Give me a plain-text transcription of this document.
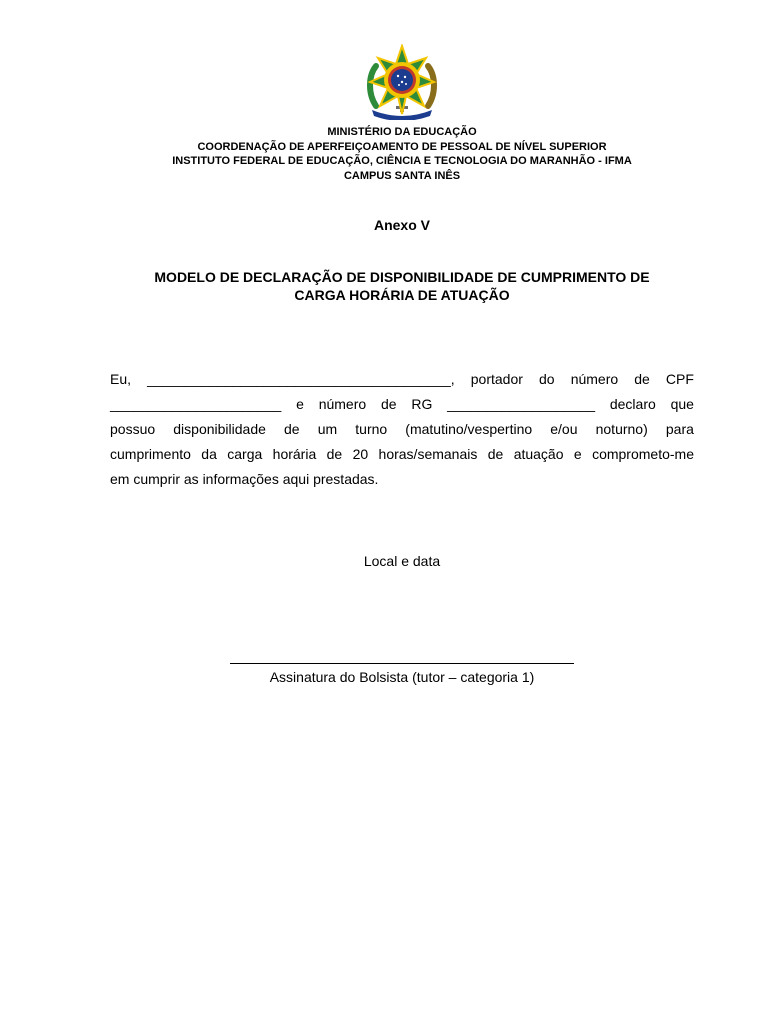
MINISTÉRIO DA EDUCAÇÃO
COORDENAÇÃO DE APERFEIÇOAMENTO DE PESSOAL DE NÍVEL SUPERIOR
INSTITUTO FEDERAL DE EDUCAÇÃO, CIÊNCIA E TECNOLOGIA DO MARANHÃO - IFMA
CAMPUS SANTA INÊS
Anexo V
MODELO DE DECLARAÇÃO DE DISPONIBILIDADE DE CUMPRIMENTO DE
CARGA HORÁRIA DE ATUAÇÃO
Eu, _______________________________________, portador do número de CPF
______________________ e número de RG ___________________ declaro que
possuo disponibilidade de um turno (matutino/vespertino e/ou noturno) para
cumprimento da carga horária de 20 horas/semanais de atuação e comprometo-me
em cumprir as informações aqui prestadas.
Local e data
Assinatura do Bolsista (tutor – categoria 1)
